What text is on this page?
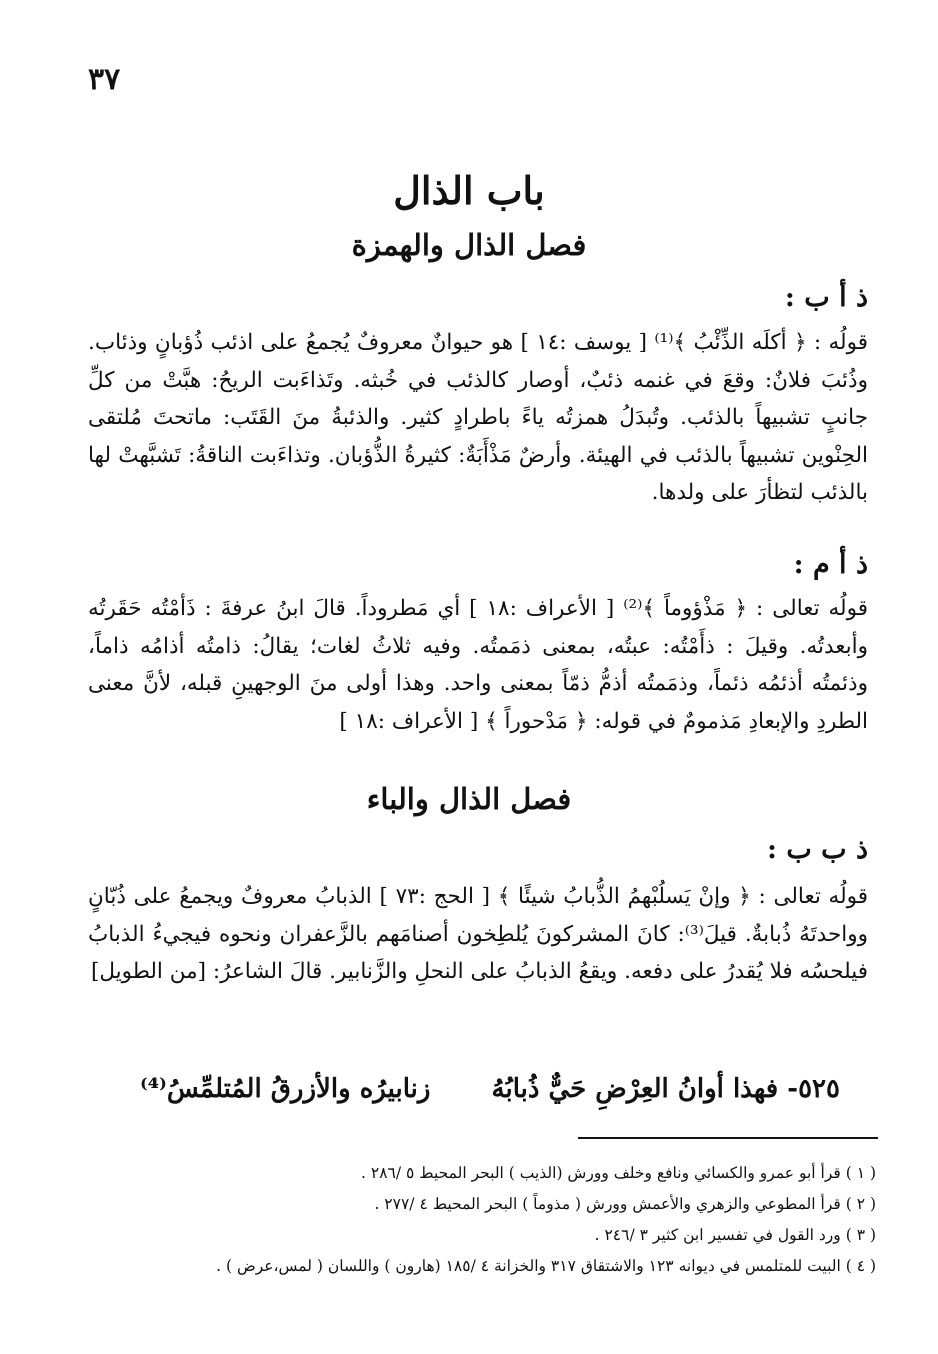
٣٧
باب الذال
فصل الذال والهمزة
ذ أ ب :
قولُه : ﴿ أكلَه الذِّئْبُ ﴾⁽¹⁾ [ يوسف :١٤ ] هو حيوانٌ معروفٌ يُجمعُ على اذئب ذُؤبانٍ وذئاب. وذُئبَ فلانٌ: وقعَ في غنمه ذئبٌ، أوصار كالذئب في خُبثه. وتَذاءَبت الريحُ: هبَّتْ من كلِّ جانبٍ تشبيهاً بالذئب. وتُبدَلُ همزتُه ياءً باطرادٍ كثير. والذئبةُ منَ القَتَب: ماتحتَ مُلتقى الحِنْوين تشبيهاً بالذئب في الهيئة. وأرضٌ مَذْأَبَةٌ: كثيرةُ الذُّؤبان. وتذاءَبت الناقةُ: تَشبَّهتْ لها بالذئب لتظأرَ على ولدها.
ذ أ م :
قولُه تعالى : ﴿ مَذْؤوماً ﴾⁽²⁾ [ الأعراف :١٨ ] أي مَطروداً. قالَ ابنُ عرفةَ : ذَأمْتُه حَقَرتُه وأبعدتُه. وقيلَ : ذأَمْتُه: عبتُه، بمعنى ذمَمتُه. وفيه ثلاثُ لغات؛ يقالُ: ذامتُه أذامُه ذاماً، وذئمتُه أذئمُه ذئماً، وذمَمتُه أذمُّ ذمّاً بمعنى واحد. وهذا أولى منَ الوجهينِ قبله، لأنَّ معنى الطردِ والإبعادِ مَذمومٌ في قوله: ﴿ مَدْحوراً ﴾ [ الأعراف :١٨ ]
فصل الذال والباء
ذ ب ب :
قولُه تعالى : ﴿ وإنْ يَسلُبْهمُ الذُّبابُ شيئًا ﴾ [ الحج :٧٣ ] الذبابُ معروفٌ ويجمعُ على ذُبّانٍ وواحدتَهُ ذُبابةٌ. قيلَ⁽³⁾: كانَ المشركونَ يُلطِخون أصنامَهم بالزَّعفران ونحوه فيجيءُ الذبابُ فيلحسُه فلا يُقدرُ على دفعه. ويقعُ الذبابُ على النحلِ والزَّنابير. قالَ الشاعرُ: [من الطويل]
٥٢٥- فهذا أوانُ العِرْضِ حَيٌّ ذُبابُهُ
زنابيرُه والأزرقُ المُتلمِّسُ⁽⁴⁾
( ١ ) قرأ أبو عمرو والكسائي ونافع وخلف وورش (الذيب ) البحر المحيط ٥ /٢٨٦ .
( ٢ ) قرأ المطوعي والزهري والأعمش وورش ( مذوماً ) البحر المحيط ٤ /٢٧٧ .
( ٣ ) ورد القول في تفسير ابن كثير ٣ /٢٤٦ .
( ٤ ) البيت للمتلمس في ديوانه ١٢٣ والاشتقاق ٣١٧ والخزانة ٤ /١٨٥ (هارون ) واللسان ( لمس،عرض ) .
